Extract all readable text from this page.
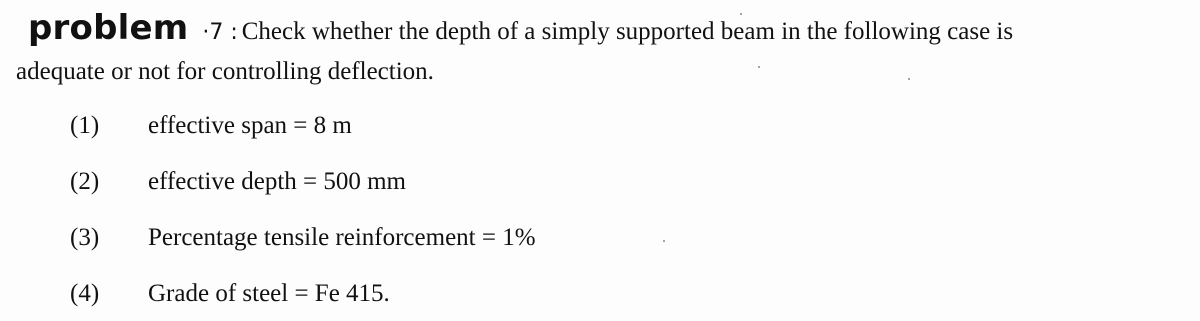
problem ·7 : Check whether the depth of a simply supported beam in the following case is
adequate or not for controlling deflection.
(1) effective span = 8 m
(2) effective depth = 500 mm
(3) Percentage tensile reinforcement = 1%
(4) Grade of steel = Fe 415.
